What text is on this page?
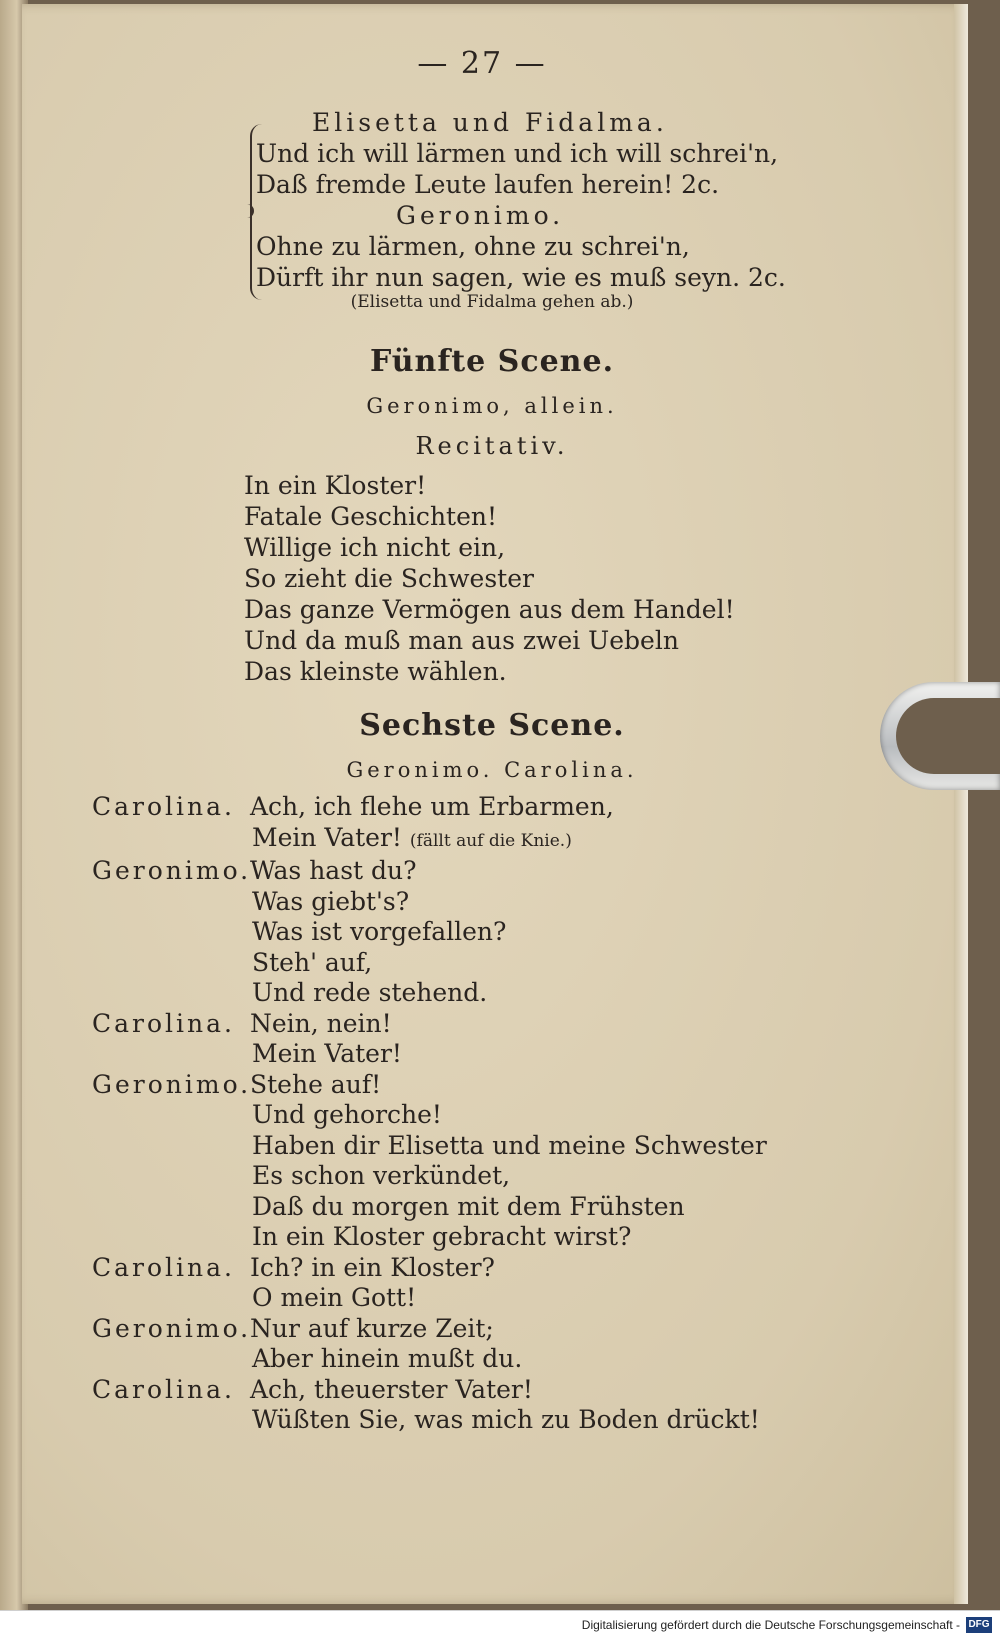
— 27 —
Elisetta und Fidalma.
Und ich will lärmen und ich will schrei'n,
Daß fremde Leute laufen herein! 2c.
Geronimo.
Ohne zu lärmen, ohne zu schrei'n,
Dürft ihr nun sagen, wie es muß seyn. 2c.
(Elisetta und Fidalma gehen ab.)
Fünfte Scene.
Geronimo, allein.
Recitativ.
In ein Kloster!
Fatale Geschichten!
Willige ich nicht ein,
So zieht die Schwester
Das ganze Vermögen aus dem Handel!
Und da muß man aus zwei Uebeln
Das kleinste wählen.
Sechste Scene.
Geronimo. Carolina.
Carolina. Ach, ich flehe um Erbarmen,
Mein Vater! (fällt auf die Knie.)
Geronimo.Was hast du?
Was giebt's?
Was ist vorgefallen?
Steh' auf,
Und rede stehend.
Carolina. Nein, nein!
Mein Vater!
Geronimo.Stehe auf!
Und gehorche!
Haben dir Elisetta und meine Schwester
Es schon verkündet,
Daß du morgen mit dem Frühsten
In ein Kloster gebracht wirst?
Carolina. Ich? in ein Kloster?
O mein Gott!
Geronimo.Nur auf kurze Zeit;
Aber hinein mußt du.
Carolina. Ach, theuerster Vater!
Wüßten Sie, was mich zu Boden drückt!
Digitalisierung gefördert durch die Deutsche Forschungsgemeinschaft - DFG
